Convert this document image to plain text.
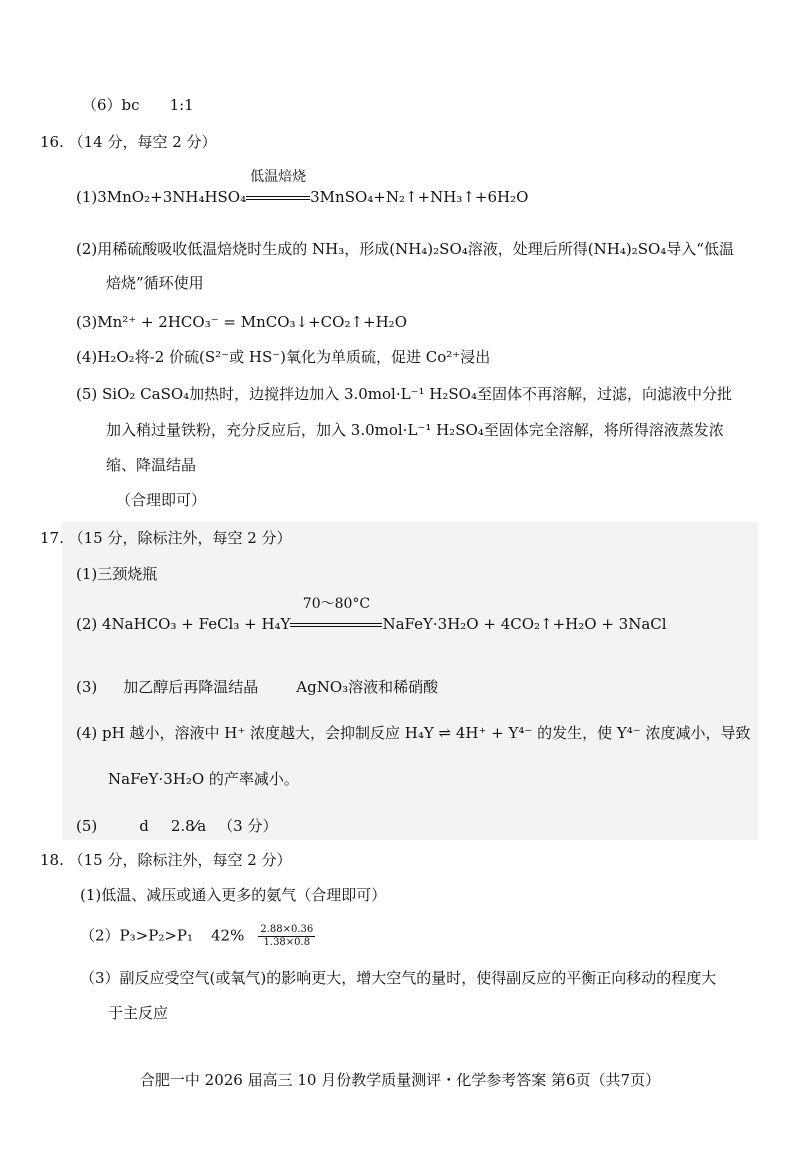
（6）bc 1:1
16. （14 分，每空 2 分）
(1)3MnO₂+3NH₄HSO₄
低温焙烧
3MnSO₄+N₂↑+NH₃↑+6H₂O
(2)用稀硫酸吸收低温焙烧时生成的 NH₃，形成(NH₄)₂SO₄溶液，处理后所得(NH₄)₂SO₄导入“低温
焙烧”循环使用
(3)Mn²⁺ + 2HCO₃⁻ = MnCO₃↓+CO₂↑+H₂O
(4)H₂O₂将-2 价硫(S²⁻或 HS⁻)氧化为单质硫，促进 Co²⁺浸出
(5) SiO₂ CaSO₄加热时，边搅拌边加入 3.0mol·L⁻¹ H₂SO₄至固体不再溶解，过滤，向滤液中分批
加入稍过量铁粉，充分反应后，加入 3.0mol·L⁻¹ H₂SO₄至固体完全溶解，将所得溶液蒸发浓
缩、降温结晶
（合理即可）
17. （15 分，除标注外，每空 2 分）
(1)三颈烧瓶
(2) 4NaHCO₃ + FeCl₃ + H₄Y
70～80°C
NaFeY·3H₂O + 4CO₂↑+H₂O + 3NaCl
(3) 加乙醇后再降温结晶	AgNO₃溶液和稀硝酸
(4) pH 越小，溶液中 H⁺ 浓度越大，会抑制反应 H₄Y ⇌ 4H⁺ + Y⁴⁻ 的发生，使 Y⁴⁻ 浓度减小，导致
NaFeY·3H₂O 的产率减小。
(5)	d 2.8⁄a （3 分）
18. （15 分，除标注外，每空 2 分）
(1)低温、减压或通入更多的氨气（合理即可）
（2）P₃>P₂>P₁ $42\% \frac{2.88\times 0.36}{1.38\times 0.8}$
（3）副反应受空气(或氧气)的影响更大，增大空气的量时，使得副反应的平衡正向移动的程度大
于主反应
合肥一中 2026 届高三 10 月份教学质量测评・化学参考答案 第6页（共7页）
